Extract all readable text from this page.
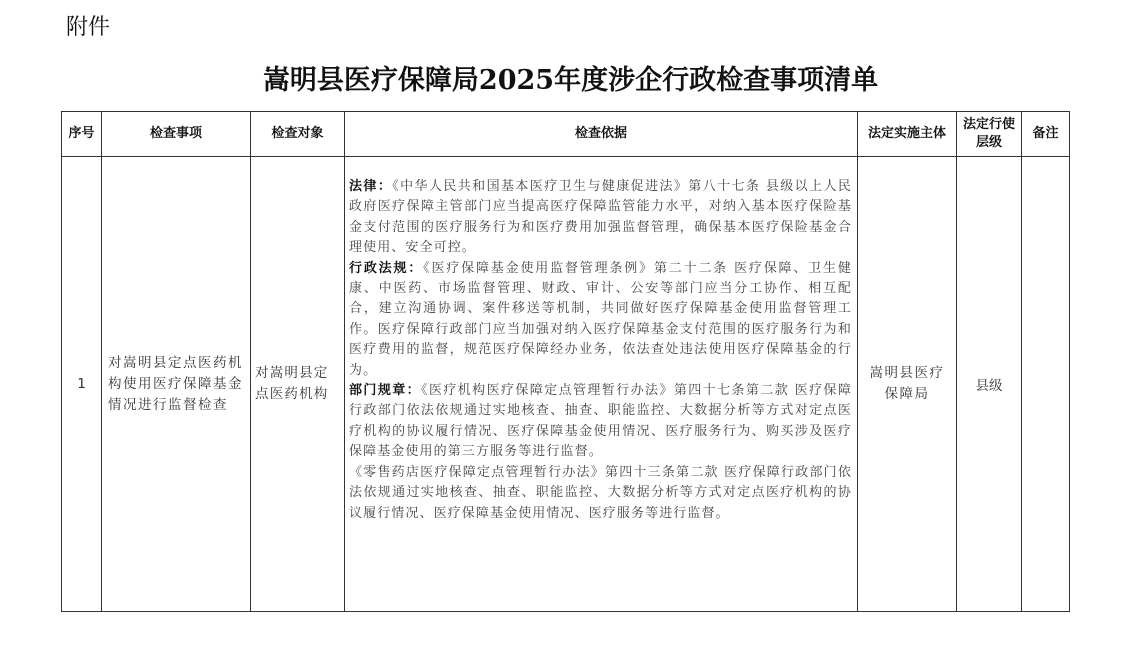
附件
嵩明县医疗保障局2025年度涉企行政检查事项清单
序号	检查事项	检查对象	检查依据	法定实施主体	法定行使层级	备注
1	对嵩明县定点医药机构使用医疗保障基金情况进行监督检查	对嵩明县定点医药机构	法律：《中华人民共和国基本医疗卫生与健康促进法》第八十七条 县级以上人民政府医疗保障主管部门应当提高医疗保障监管能力水平，对纳入基本医疗保险基金支付范围的医疗服务行为和医疗费用加强监督管理，确保基本医疗保险基金合理使用、安全可控。

行政法规：《医疗保障基金使用监督管理条例》第二十二条 医疗保障、卫生健康、中医药、市场监督管理、财政、审计、公安等部门应当分工协作、相互配合，建立沟通协调、案件移送等机制，共同做好医疗保障基金使用监督管理工作。医疗保障行政部门应当加强对纳入医疗保障基金支付范围的医疗服务行为和医疗费用的监督，规范医疗保障经办业务，依法查处违法使用医疗保障基金的行为。

部门规章：《医疗机构医疗保障定点管理暂行办法》第四十七条第二款 医疗保障行政部门依法依规通过实地核查、抽查、职能监控、大数据分析等方式对定点医疗机构的协议履行情况、医疗保障基金使用情况、医疗服务行为、购买涉及医疗保障基金使用的第三方服务等进行监督。

《零售药店医疗保障定点管理暂行办法》第四十三条第二款 医疗保障行政部门依法依规通过实地核查、抽查、职能监控、大数据分析等方式对定点医疗机构的协议履行情况、医疗保障基金使用情况、医疗服务等进行监督。	嵩明县医疗保障局	县级	
